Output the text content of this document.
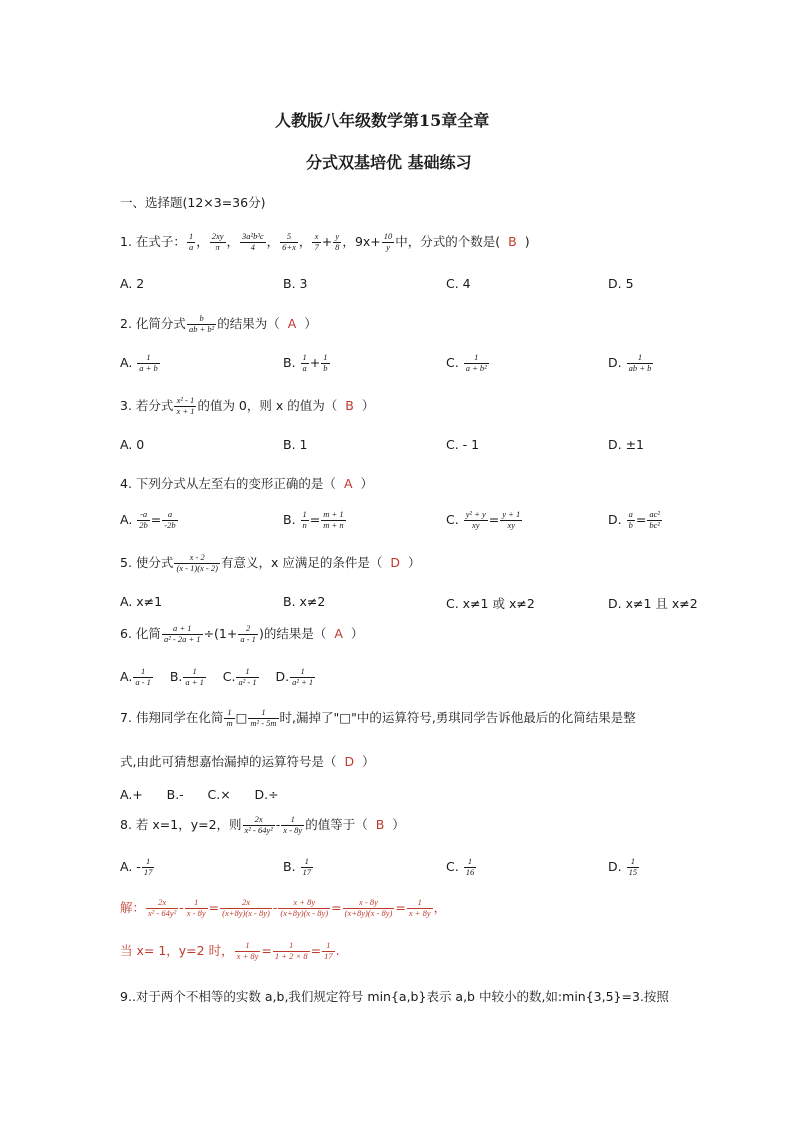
人教版八年级数学第15章全章
分式双基培优 基础练习
一、选择题(12×3=36分)
1. 在式子： $\frac{1}{a}$ ， $\frac{2xy}{\pi}$ ， $\frac{\text{3a²b³c}}{4}$ ， $\frac{5}{6+x}$ ， $\frac{x}{7} + \frac{y}{8}$ ，$9x+ \frac{10}{y}$ 中，分式的个数是( B )
A. 2	B. 3	C. 4	D. 5
2. 化简分式 $\frac{b}{\text{ab + b²}}$ 的结果为（ A ）
A. $\frac{1}{a + b}$	B. $\frac{1}{a} + \frac{1}{b}$	C. $\frac{1}{\text{a + b²}}$	D. $\frac{1}{ab + b}$
3. 若分式 $\frac{\text{x² - 1}}{x + 1}$ 的值为 0，则 x 的值为（ B ）
A. 0	B. 1	C. - 1	D. ±1
4. 下列分式从左至右的变形正确的是（ A ）
A. $\frac{-a}{2b} = \frac{a}{-2b}$	B. $\frac{1}{n} = \frac{m + 1}{m + n}$	C. $\frac{\text{y² + y}}{xy} = \frac{y + 1}{xy}$	D. $\frac{a}{b} = \frac{\text{ac²}}{\text{bc²}}$
5. 使分式 $\frac{x - 2}{(x - 1)(x - 2)}$ 有意义，x 应满足的条件是（ D ）
A. x≠1	B. x≠2	C. x≠1 或 x≠2	D. x≠1 且 x≠2
6. 化简 $\frac{a + 1}{\text{a² - 2a + 1}} \div(1+ \frac{2}{a - 1}$ )的结果是（ A ）
A. $\frac{1}{a - 1} B$. $\frac{1}{a + 1} C$. $\frac{1}{\text{a² - 1}} D$. $\frac{1}{\text{a² + 1}}$
7. 伟翔同学在化简 $\frac{1}{m}$ □ $\frac{1}{\text{m² - 5m}}$ 时,漏掉了"□"中的运算符号,勇琪同学告诉他最后的化简结果是整
式,由此可猜想嘉怡漏掉的运算符号是（ D ）
A.+      B.-      C.×      D.÷
8. 若 x=1，y=2，则 $\frac{2x}{\text{x² - 64y²}} - \frac{1}{x - 8y}$ 的值等于（ B ）
A. - $\frac{1}{17}$	B. $\frac{1}{17}$	C. $\frac{1}{16}$	D. $\frac{1}{15}$
解： $\frac{2x}{\text{x² - 64y²}} - \frac{1}{x - 8y} = \frac{2x}{(x+8y)(x - 8y)} - \frac{x + 8y}{(x+8y)(x - 8y)} = \frac{x - 8y}{(x+8y)(x - 8y)} = \frac{1}{x + 8y}$ ，
当 x= 1，y=2 时， $\frac{1}{x + 8y} = \frac{1}{1 + 2 \times 8} = \frac{1}{17}$ .
9..对于两个不相等的实数 a,b,我们规定符号 min{a,b}表示 a,b 中较小的数,如:min{3,5}=3.按照
